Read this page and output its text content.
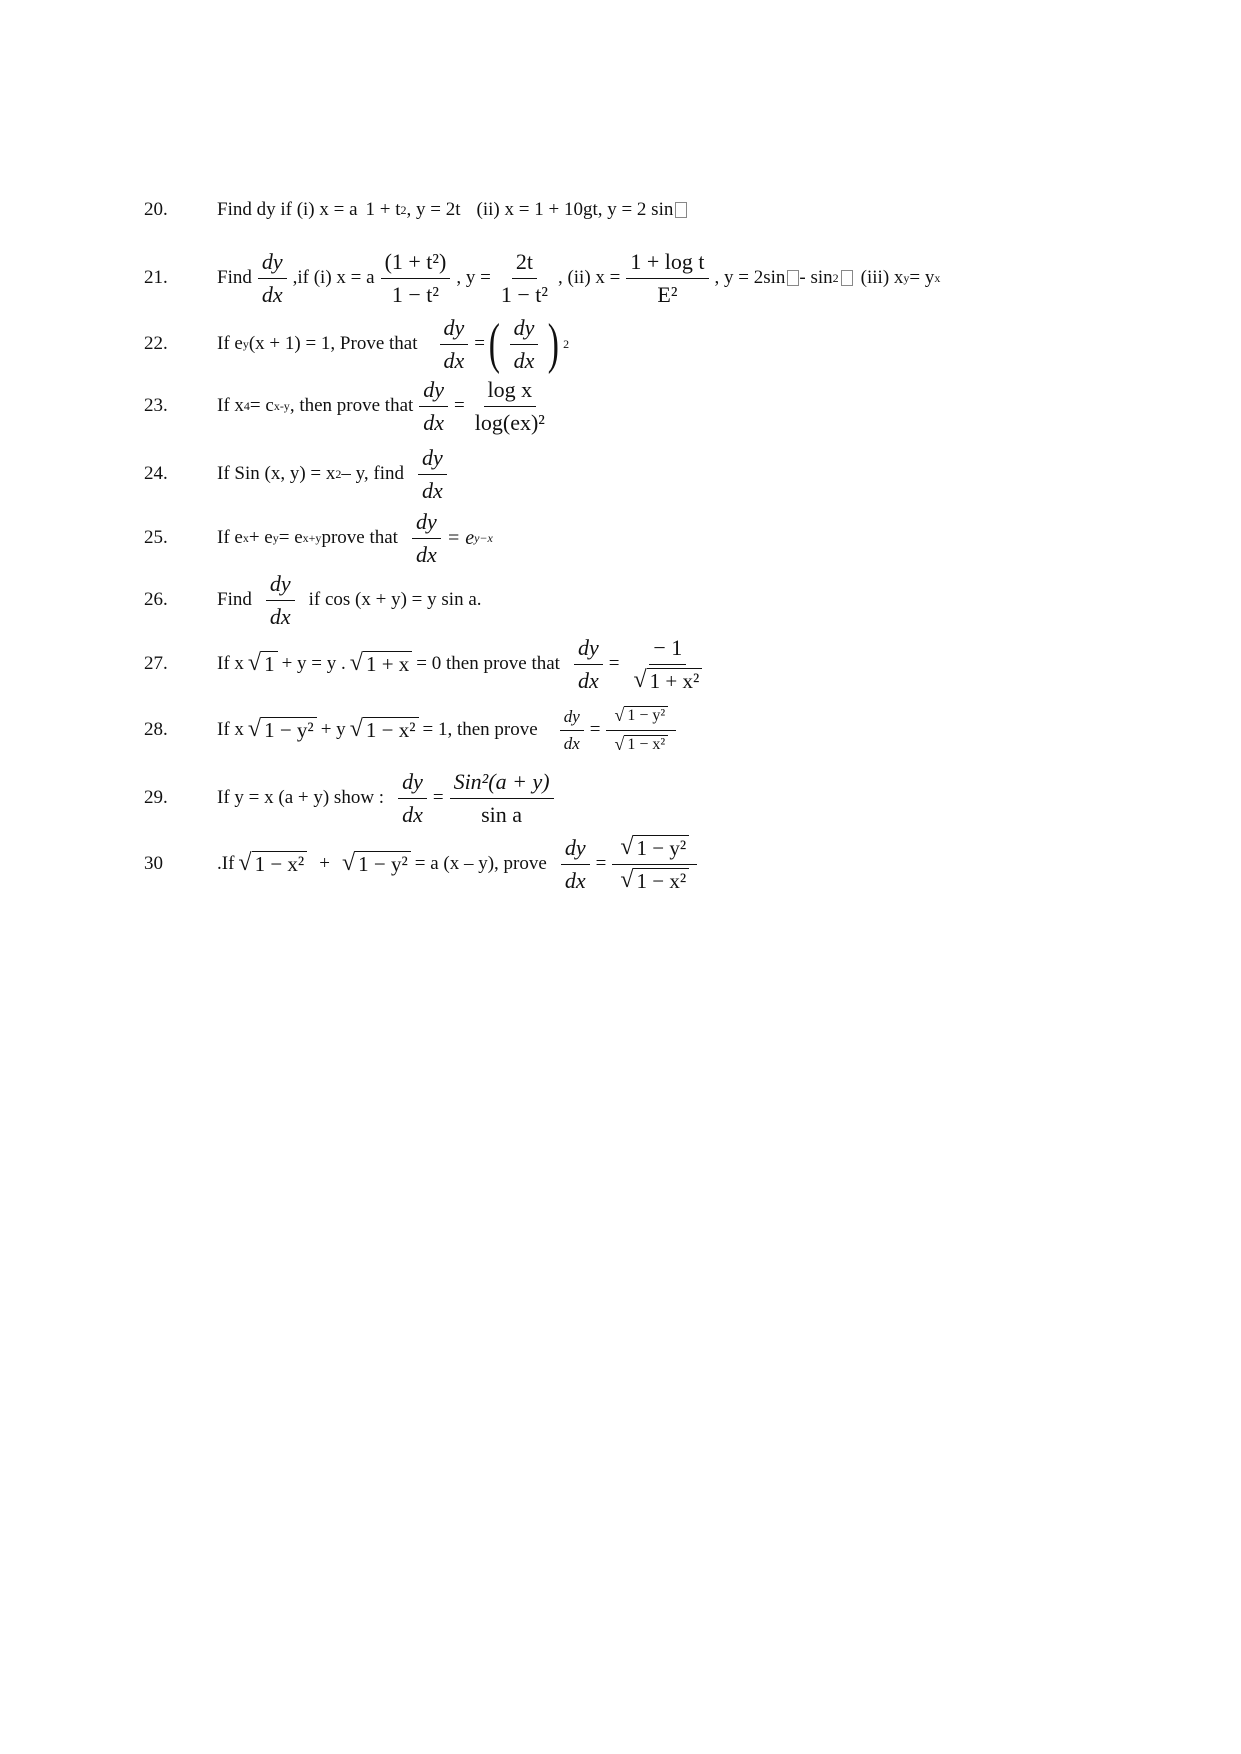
20.	Find dy if (i) x = a 1 + t 2 , y = 2t (ii) x = 1 + 10gt, y = 2 sin
21.	Find $\frac{dy}{dx} ,if$ (i) x = a $\frac{\text{(1 + t²)}}{\text{1 − t²}}$ , $y = \frac{2t}{\text{1 − t²}}$ , (ii) $x = \frac{\text{1 + log t}}{\text{E²}}$ , y = 2sin - sin 2 (iii) x y = y x
22.	If e y (x + 1) = 1, Prove that $\frac{dy}{dx}$ = ( $\frac{dy}{dx}$ ) 2
23.	If x 4 = c x-y , then prove that $\frac{dy}{dx} = \frac{\text{log x}}{\text{log(ex)²}}$
24.	If Sin (x, y) = x 2 – y, find $\frac{dy}{dx}$
25.	If e x + e y = e x+y prove that $\frac{dy}{dx} = e$ y−x
26.	Find $\frac{dy}{dx}$ if cos (x + y) = y sin a.
27.	If x √ 1 + y = y . √ 1 + x = 0 then prove that $\frac{dy}{dx} = \frac{- 1}{\text{√ 1 + x²}}$
28.	If x √ 1 − y² + y √ 1 − x² = 1, then prove $\frac{dy}{dx} = \frac{\text{√ 1 − y²}}{\text{√ 1 − x²}}$
29.	If y = x (a + y) show : $\frac{dy}{dx} = \frac{\text{Sin²(a + y)}}{\text{sin a}}$
30	.If √ 1 − x² + √ 1 − y² = a (x – y), prove $\frac{dy}{dx} = \frac{\text{√ 1 − y²}}{\text{√ 1 − x²}}$
